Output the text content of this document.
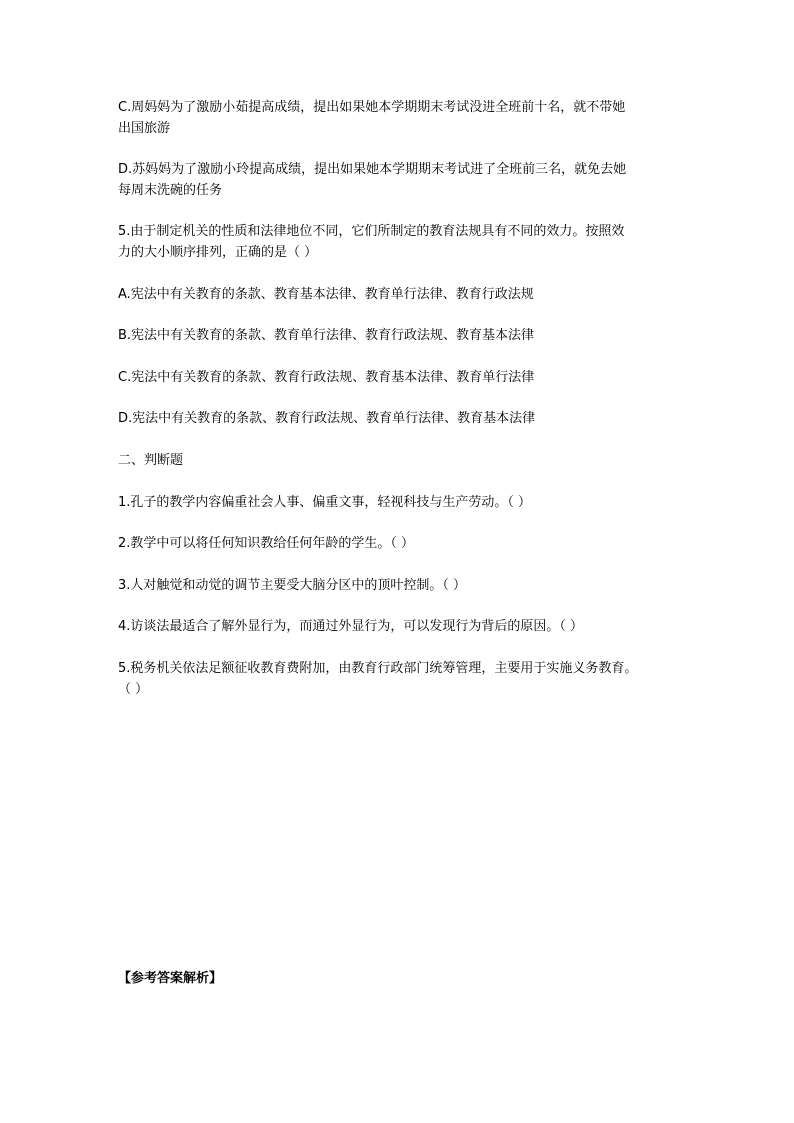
C.周妈妈为了激励小茹提高成绩，提出如果她本学期期末考试没进全班前十名，就不带她
出国旅游

D.苏妈妈为了激励小玲提高成绩，提出如果她本学期期末考试进了全班前三名，就免去她
每周末洗碗的任务

5.由于制定机关的性质和法律地位不同，它们所制定的教育法规具有不同的效力。按照效
力的大小顺序排列，正确的是（ ）

A.宪法中有关教育的条款、教育基本法律、教育单行法律、教育行政法规

B.宪法中有关教育的条款、教育单行法律、教育行政法规、教育基本法律

C.宪法中有关教育的条款、教育行政法规、教育基本法律、教育单行法律

D.宪法中有关教育的条款、教育行政法规、教育单行法律、教育基本法律

二、判断题

1.孔子的教学内容偏重社会人事、偏重文事，轻视科技与生产劳动。（ ）

2.教学中可以将任何知识教给任何年龄的学生。（ ）

3.人对触觉和动觉的调节主要受大脑分区中的顶叶控制。（ ）

4.访谈法最适合了解外显行为，而通过外显行为，可以发现行为背后的原因。（ ）

5.税务机关依法足额征收教育费附加，由教育行政部门统筹管理，主要用于实施义务教育。
（ ）

【参考答案解析】
